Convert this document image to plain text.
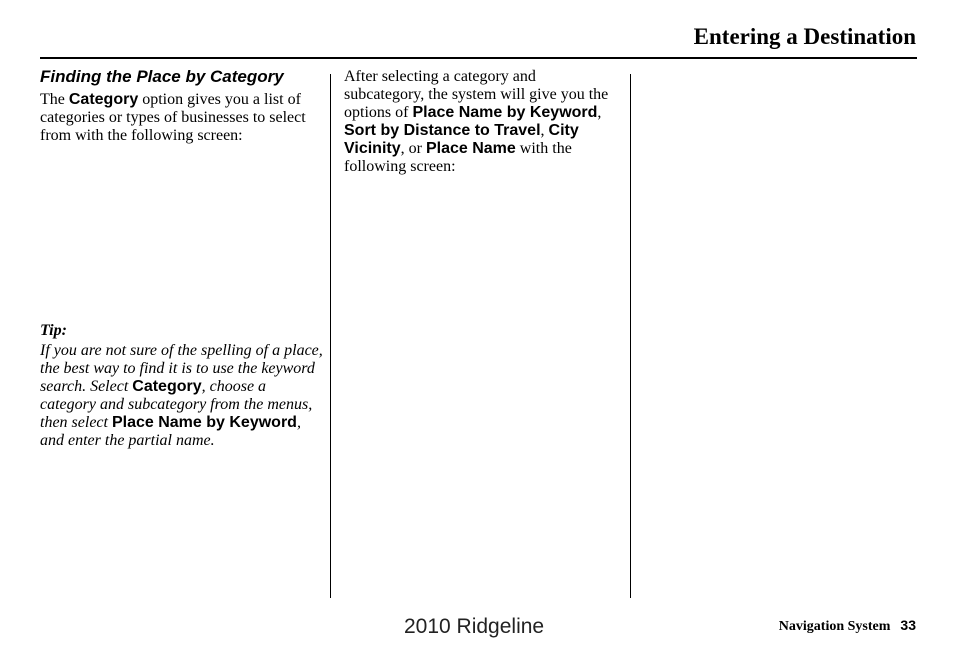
Entering a Destination
Finding the Place by Category

The Category option gives you a list of categories or types of businesses to select from with the following screen:

Tip:

If you are not sure of the spelling of a place, the best way to find it is to use the keyword search. Select Category, choose a category and subcategory from the menus, then select Place Name by Keyword, and enter the partial name.

After selecting a category and subcategory, the system will give you the options of Place Name by Keyword, Sort by Distance to Travel, City Vicinity, or Place Name with the following screen:

Navigation System 33
2010 Ridgeline
